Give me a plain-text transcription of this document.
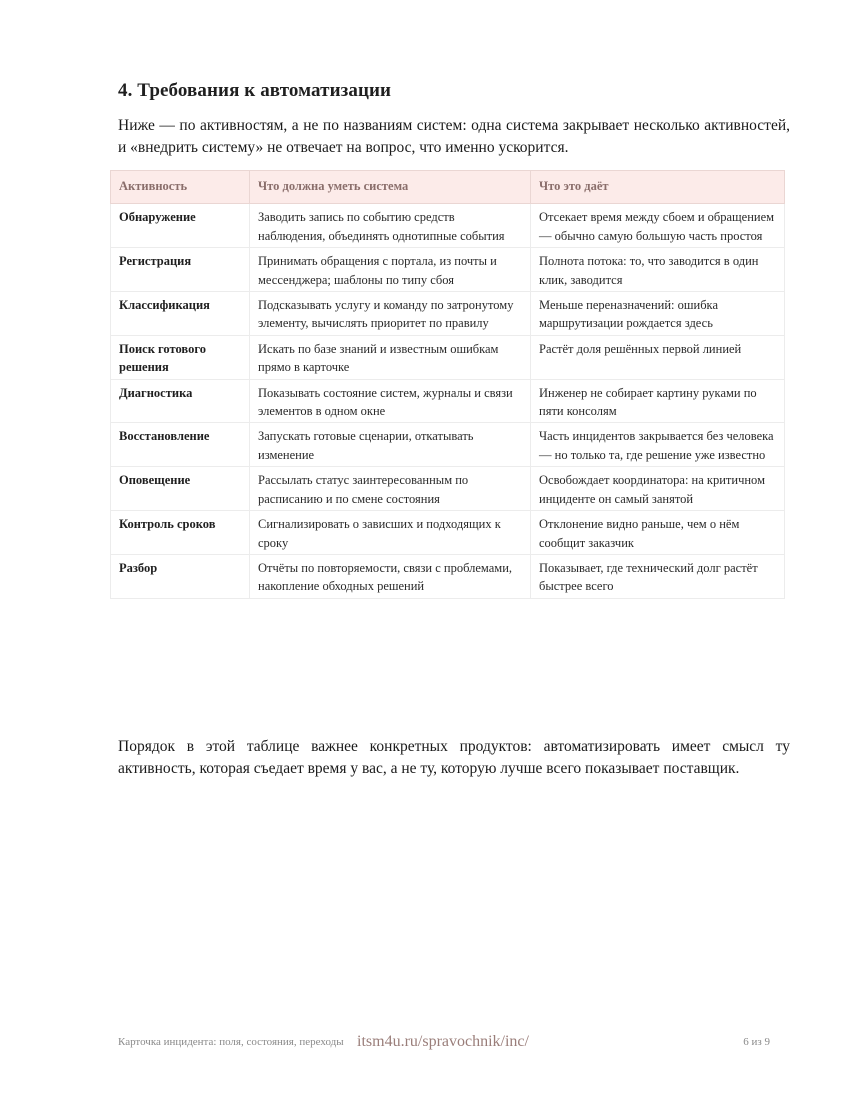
4. Требования к автоматизации

Ниже — по активностям, а не по названиям систем: одна система закрывает несколько активностей, и «внедрить систему» не отвечает на вопрос, что именно ускорится.

Активность	Что должна уметь система	Что это даёт
Обнаружение	Заводить запись по событию средств наблюдения, объединять однотипные события	Отсекает время между сбоем и обращением — обычно самую большую часть простоя
Регистрация	Принимать обращения с портала, из почты и мессенджера; шаблоны по типу сбоя	Полнота потока: то, что заводится в один клик, заводится
Классификация	Подсказывать услугу и команду по затронутому элементу, вычислять приоритет по правилу	Меньше переназначений: ошибка маршрутизации рождается здесь
Поиск готового решения	Искать по базе знаний и известным ошибкам прямо в карточке	Растёт доля решённых первой линией
Диагностика	Показывать состояние систем, журналы и связи элементов в одном окне	Инженер не собирает картину руками по пяти консолям
Восстановление	Запускать готовые сценарии, откатывать изменение	Часть инцидентов закрывается без человека — но только та, где решение уже известно
Оповещение	Рассылать статус заинтересованным по расписанию и по смене состояния	Освобождает координатора: на критичном инциденте он самый занятой
Контроль сроков	Сигнализировать о зависших и подходящих к сроку	Отклонение видно раньше, чем о нём сообщит заказчик
Разбор	Отчёты по повторяемости, связи с проблемами, накопление обходных решений	Показывает, где технический долг растёт быстрее всего

Порядок в этой таблице важнее конкретных продуктов: автоматизировать имеет смысл ту активность, которая съедает время у вас, а не ту, которую лучше всего показывает поставщик.

Карточка инцидента: поля, состояния, переходы itsm4u.ru/spravochnik/inc/	6 из 9
